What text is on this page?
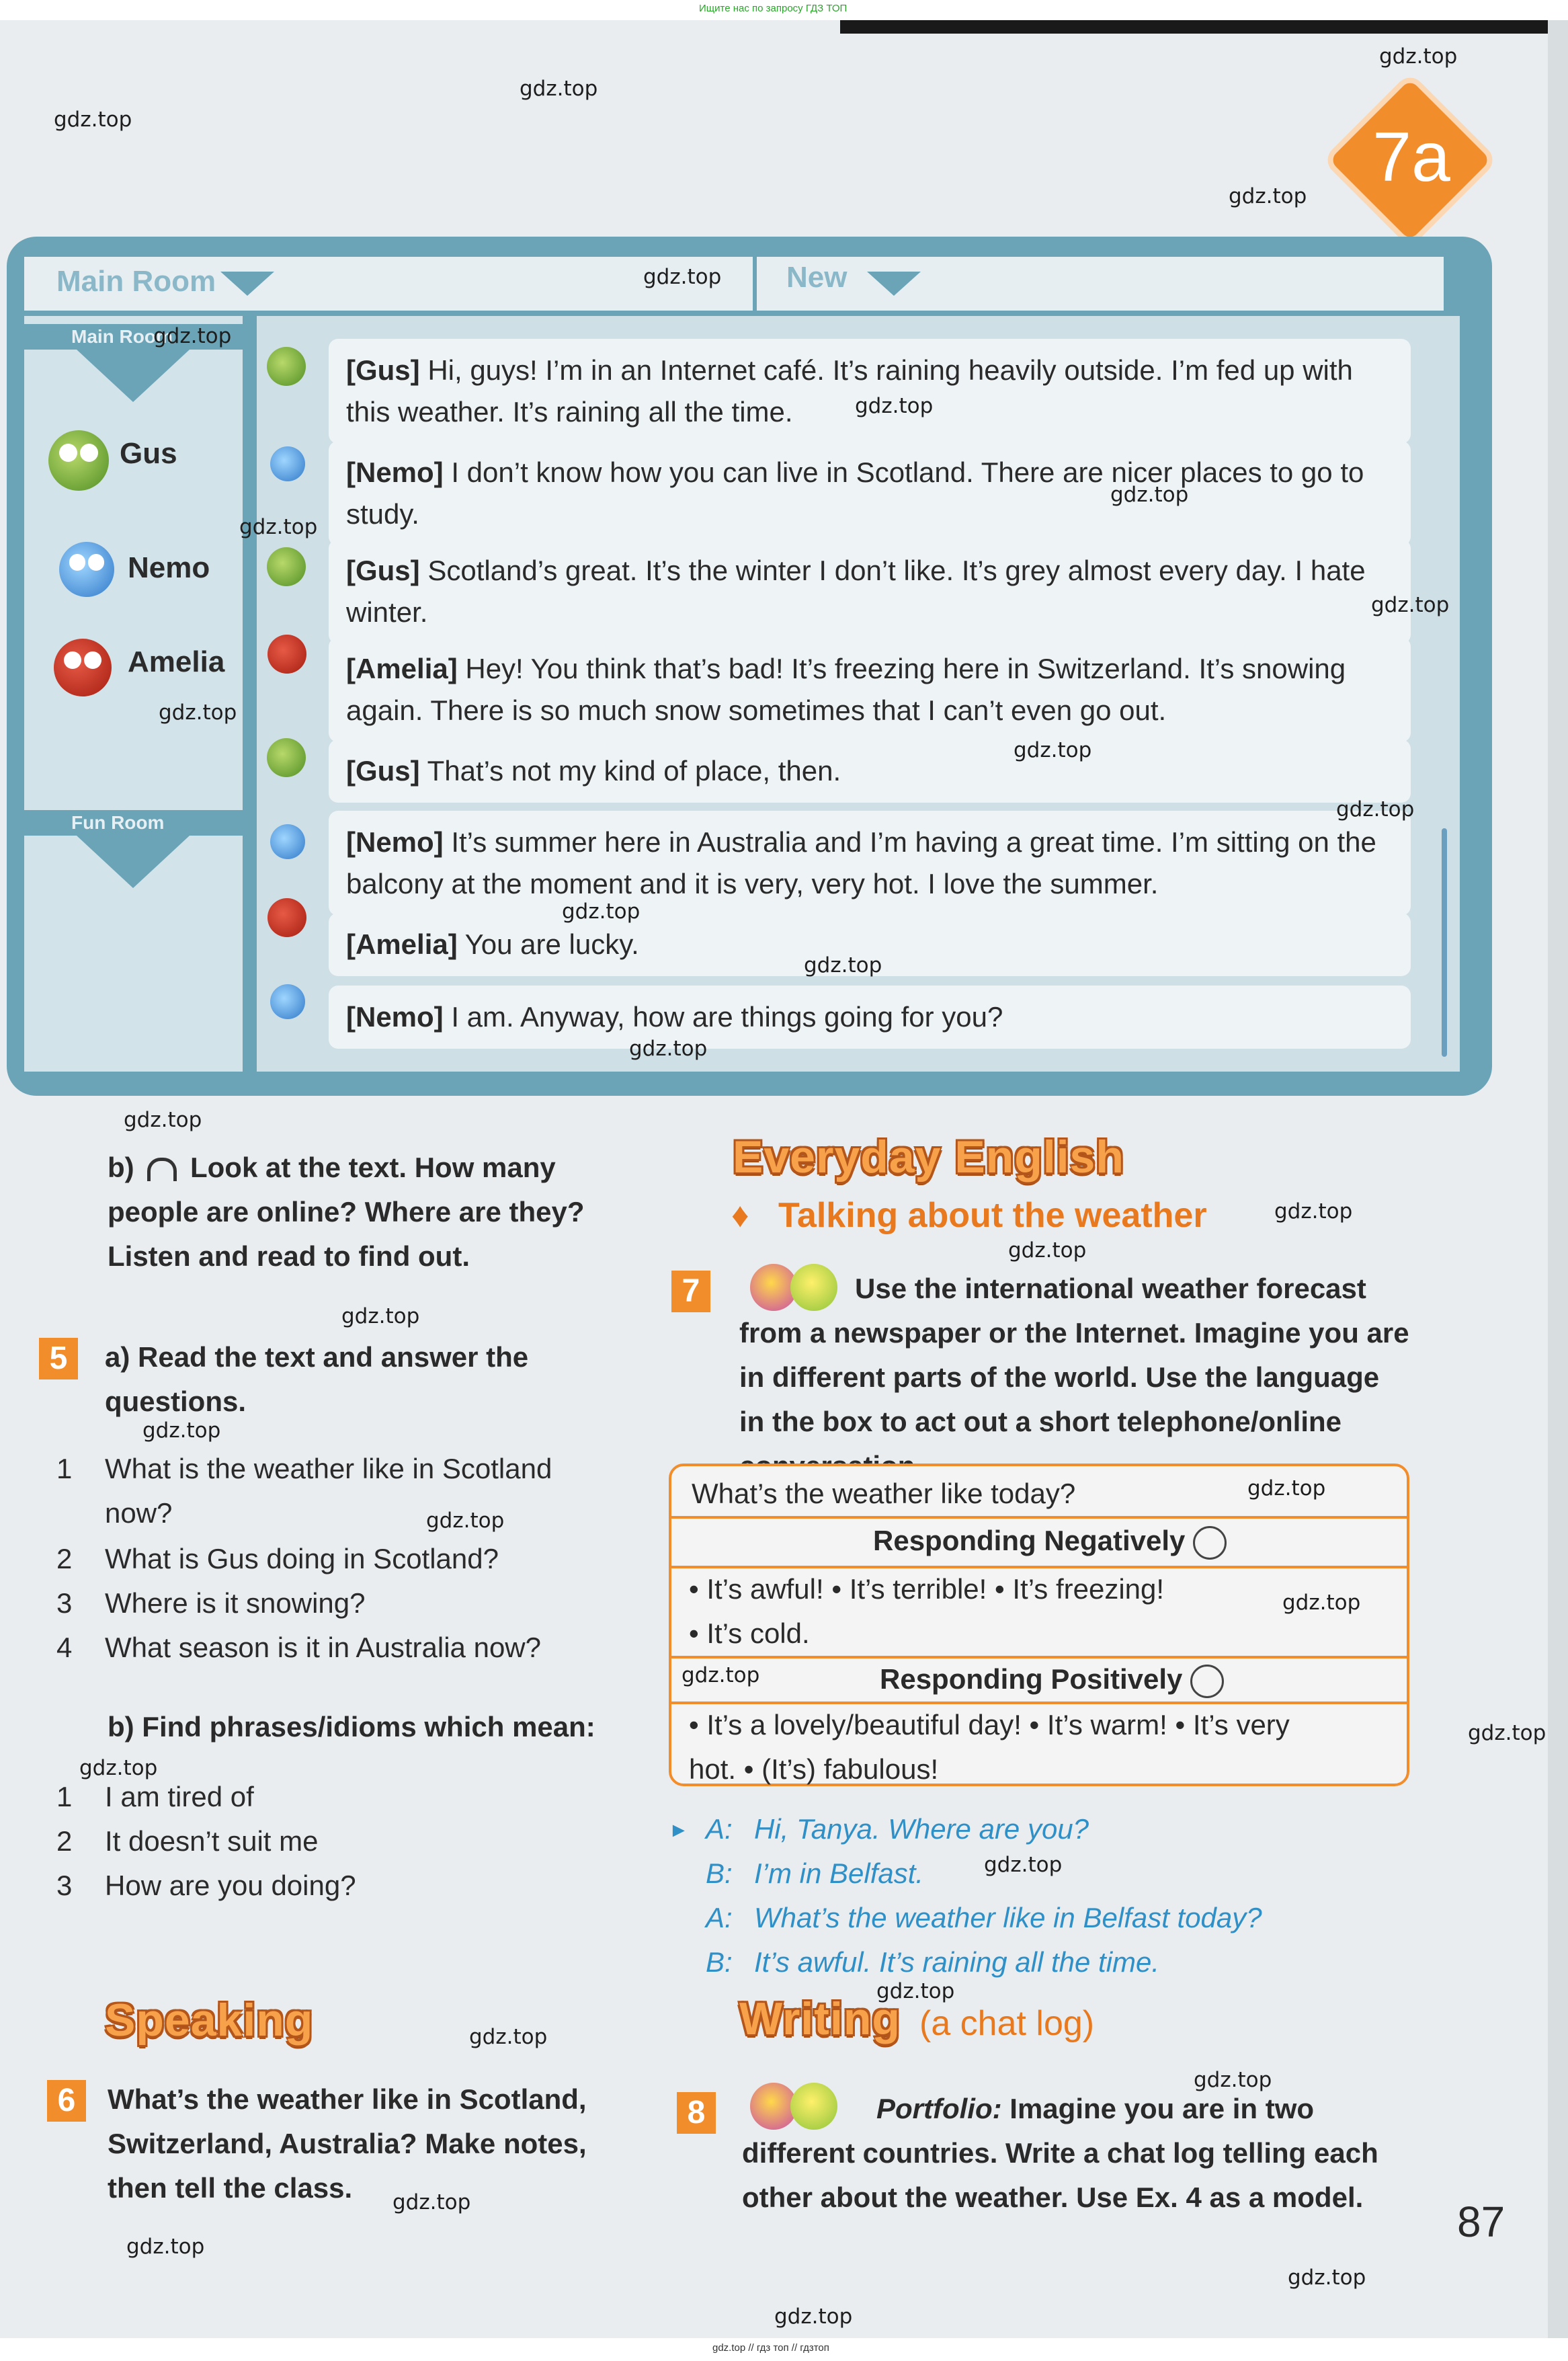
Ищите нас по запросу ГДЗ ТОП
7a
Main Room	New
Main Room
Fun Room
Gus
Nemo
Amelia
[Gus] Hi, guys! I’m in an Internet café. It’s raining heavily outside. I’m fed up with this weather. It’s raining all the time.
[Nemo] I don’t know how you can live in Scotland. There are nicer places to go to study.
[Gus] Scotland’s great. It’s the winter I don’t like. It’s grey almost every day. I hate winter.
[Amelia] Hey! You think that’s bad! It’s freezing here in Switzerland. It’s snowing again. There is so much snow sometimes that I can’t even go out.
[Gus] That’s not my kind of place, then.
[Nemo] It’s summer here in Australia and I’m having a great time. I’m sitting on the balcony at the moment and it is very, very hot. I love the summer.
[Amelia] You are lucky.
[Nemo] I am. Anyway, how are things going for you?
b) Look at the text. How many people are online? Where are they? Listen and read to find out.
5	a) Read the text and answer the questions.
1 What is the weather like in Scotland now?
2 What is Gus doing in Scotland?
3 Where is it snowing?
4 What season is it in Australia now?
b) Find phrases/idioms which mean:
1 I am tired of
2 It doesn’t suit me
3 How are you doing?
Speaking
6	What’s the weather like in Scotland, Switzerland, Australia? Make notes, then tell the class.
Everyday English
♦ Talking about the weather
7	Use the international weather forecast from a newspaper or the Internet. Imagine you are in different parts of the world. Use the language in the box to act out a short telephone/online
What’s the weather like today?
Responding Negatively
• It’s awful! • It’s terrible! • It’s freezing!
• It’s cold.
Responding Positively
• It’s a lovely/beautiful day! • It’s warm! • It’s very
hot. • (It’s) fabulous!
► A: Hi, Tanya. Where are you?
B: I’m in Belfast.
A: What’s the weather like in Belfast today?
B: It’s awful. It’s raining all the time.
Writing (a chat log)
8	Portfolio: Imagine you are in two different countries. Write a chat log telling each other about the weather. Use Ex. 4 as a model.
87
gdz.top
gdz.top
gdz.top
gdz.top
gdz.top
gdz.top
gdz.top
gdz.top
gdz.top
gdz.top
gdz.top
gdz.top
gdz.top
gdz.top
gdz.top
gdz.top
gdz.top
gdz.top
gdz.top
gdz.top
gdz.top
gdz.top
gdz.top
gdz.top
gdz.top
gdz.top
gdz.top
gdz.top
gdz.top
gdz.top
gdz.top
gdz.top
gdz.top
gdz.top
gdz.top
gdz.top // гдз топ // гдзтоп
